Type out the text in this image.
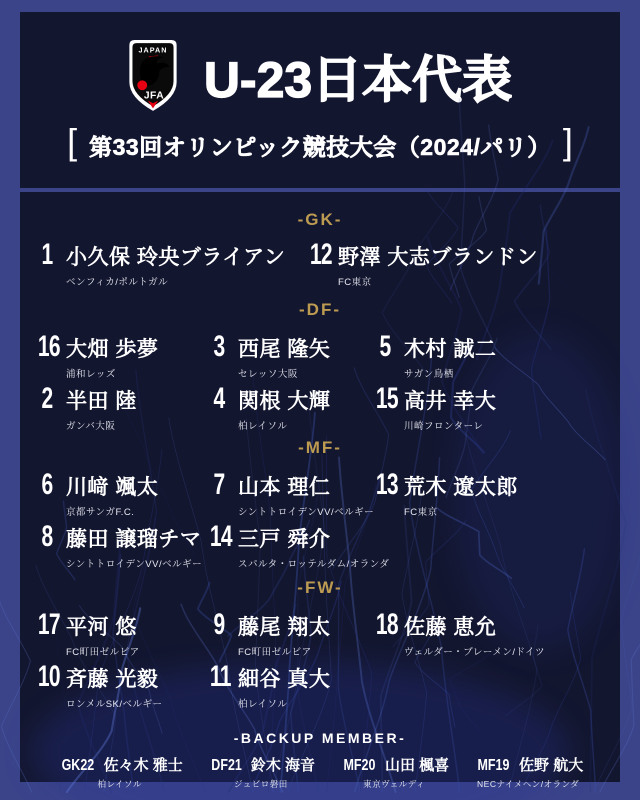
JAPAN
JFA U-23日本代表
[ 第33回オリンピック競技大会（2024/パリ） ]
-GK-
1 小久保 玲央ブライアン
ベンフィカ/ポルトガル
12 野澤 大志ブランドン
FC東京
-DF-
16 大畑 歩夢
浦和レッズ
3 西尾 隆矢
セレッソ大阪
5 木村 誠二
サガン鳥栖
2 半田 陸
ガンバ大阪
4 関根 大輝
柏レイソル
15 高井 幸大
川崎フロンターレ
-MF-
6 川﨑 颯太
京都サンガF.C.
7 山本 理仁
シントトロイデンVV/ベルギー
13 荒木 遼太郎
FC東京
8 藤田 譲瑠チマ
シントトロイデンVV/ベルギー
14 三戸 舜介
スパルタ・ロッテルダム/オランダ
-FW-
17 平河 悠
FC町田ゼルビア
9 藤尾 翔太
FC町田ゼルビア
18 佐藤 恵允
ヴェルダー・ブレーメン/ドイツ
10 斉藤 光毅
ロンメルSK/ベルギー
11 細谷 真大
柏レイソル
-BACKUP MEMBER-
GK22 佐々木 雅士
柏レイソル
DF21 鈴木 海音
ジュビロ磐田
MF20 山田 楓喜
東京ヴェルディ
MF19 佐野 航大
NECナイメヘン/オランダ
